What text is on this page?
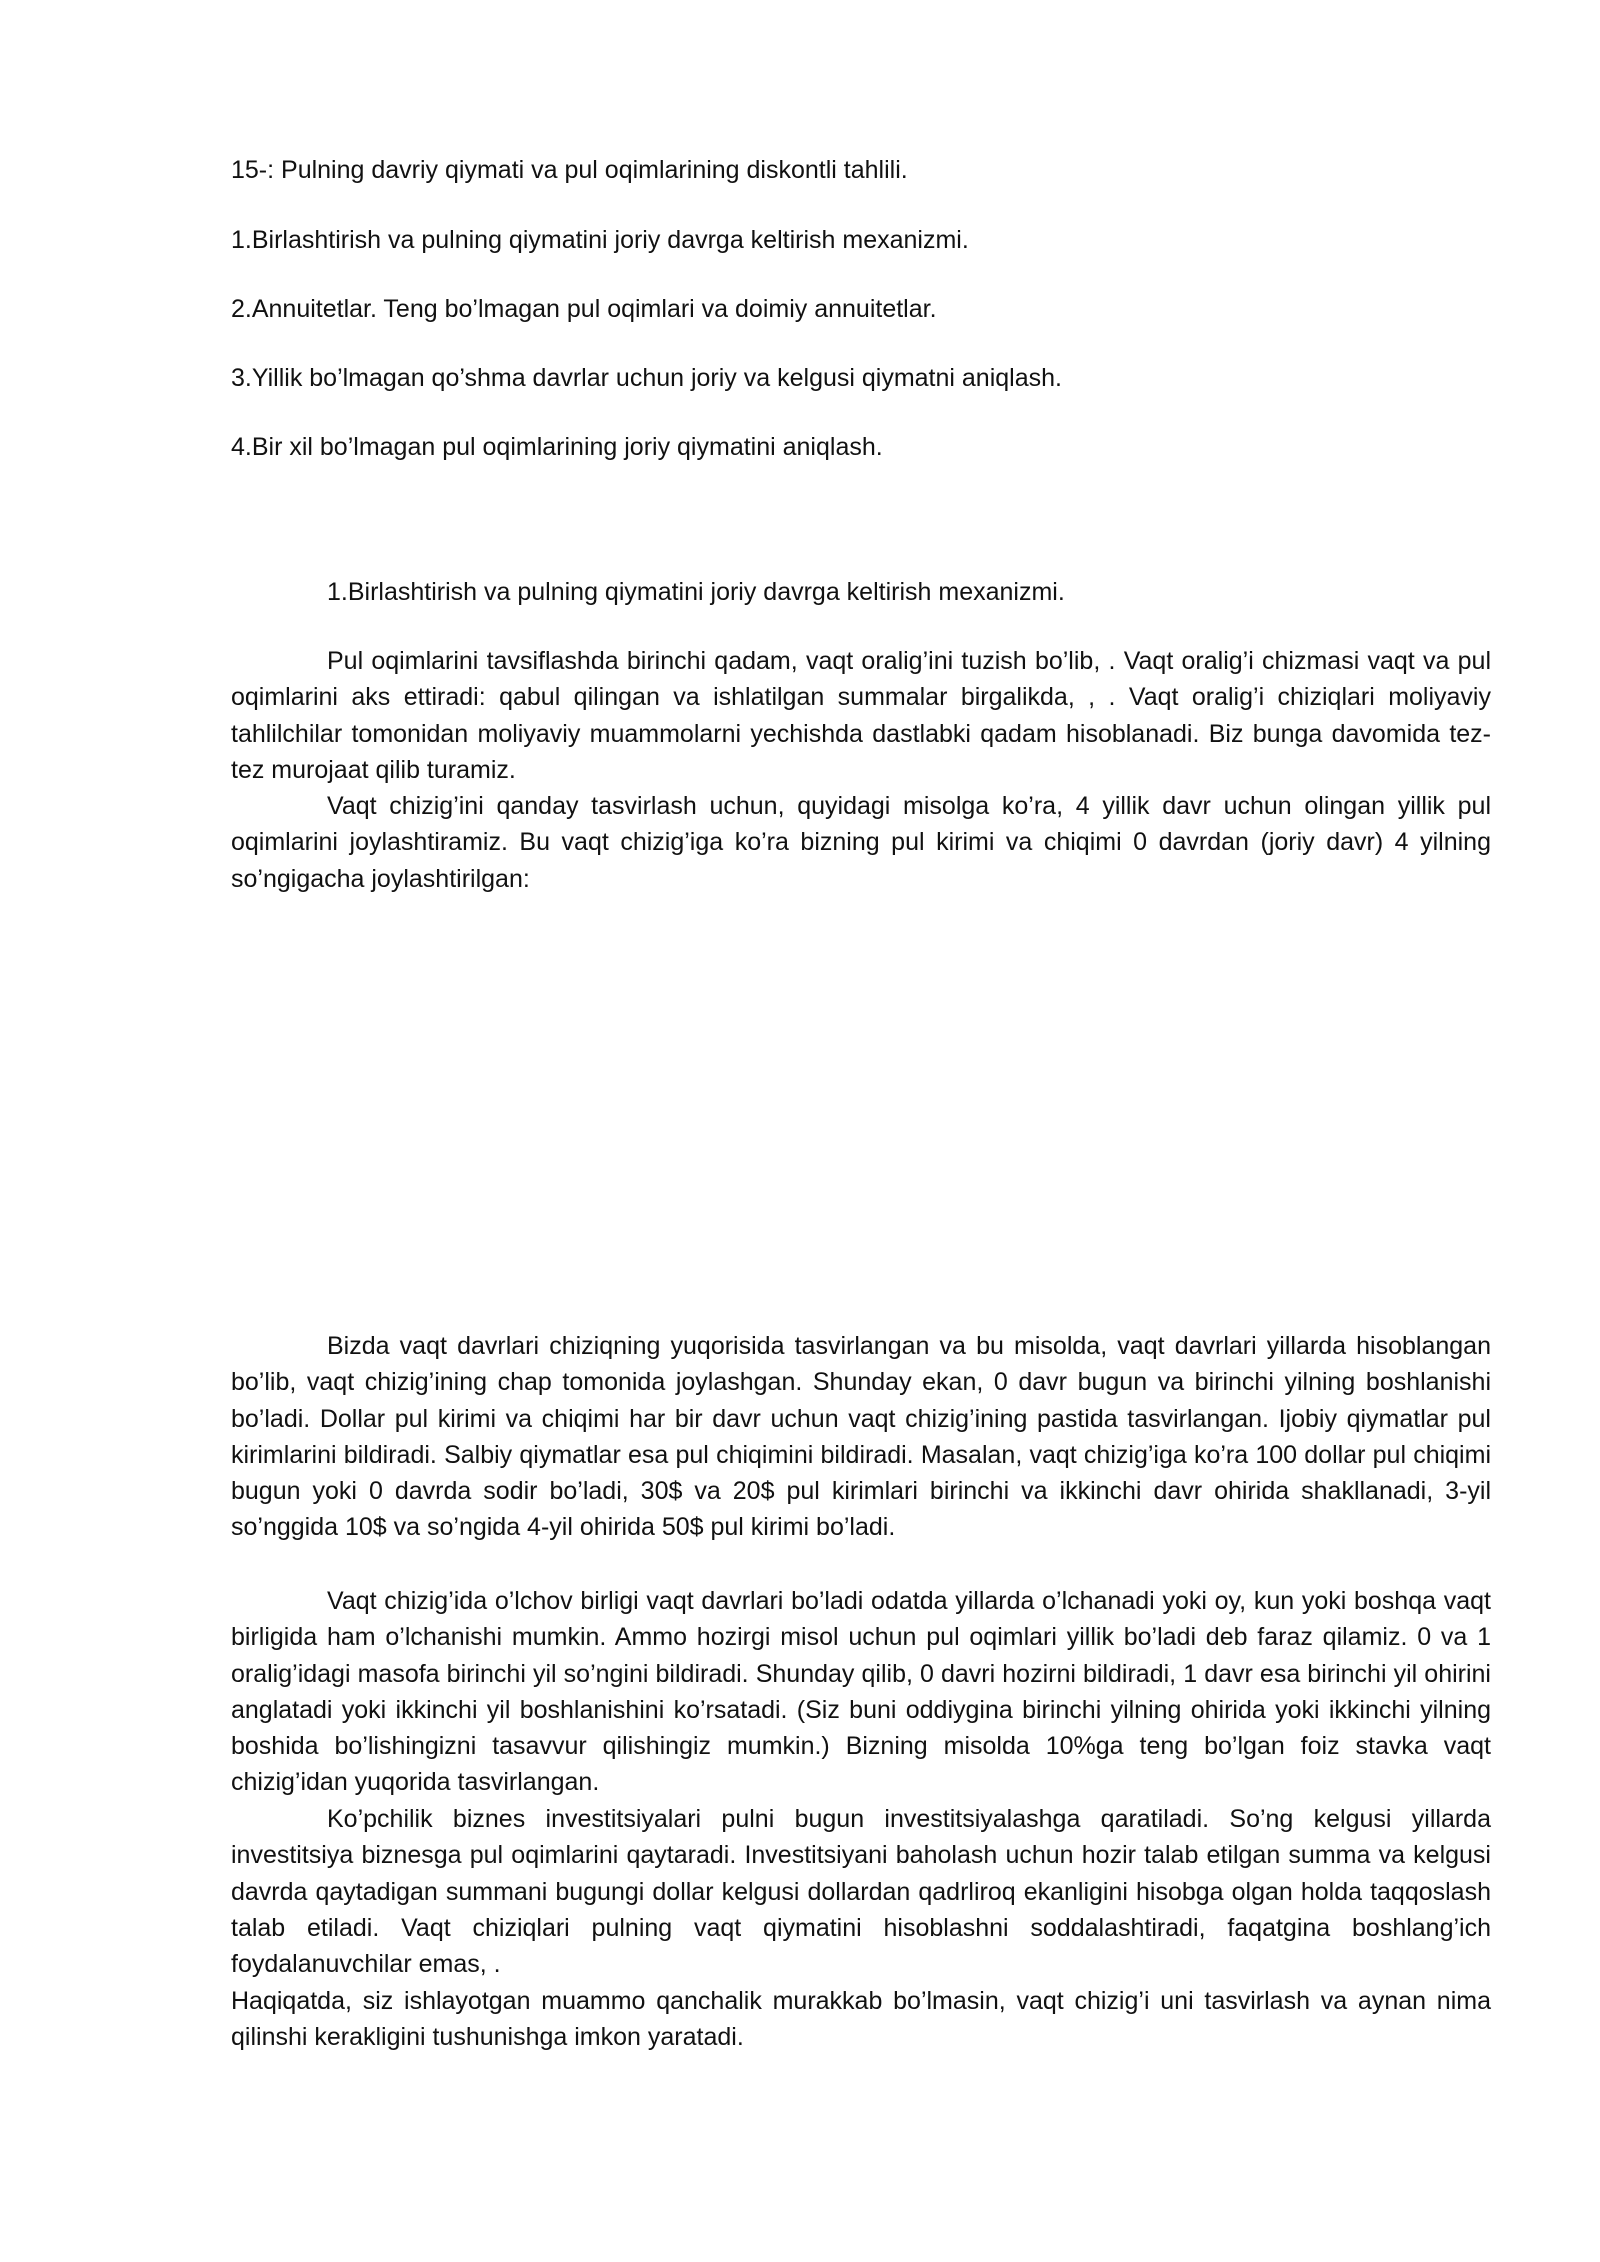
15-: Pulning davriy qiymati va pul oqimlarining diskontli tahlili.

1.Birlashtirish va pulning qiymatini joriy davrga keltirish mexanizmi.

2.Annuitetlar. Teng bo’lmagan pul oqimlari va doimiy annuitetlar.

3.Yillik bo’lmagan qo’shma davrlar uchun joriy va kelgusi qiymatni aniqlash.

4.Bir xil bo’lmagan pul oqimlarining joriy qiymatini aniqlash.

1.Birlashtirish va pulning qiymatini joriy davrga keltirish mexanizmi.

Pul oqimlarini tavsiflashda birinchi qadam, vaqt oralig’ini tuzish bo’lib, . Vaqt oralig’i chizmasi vaqt va pul oqimlarini aks ettiradi: qabul qilingan va ishlatilgan summalar birgalikda, , . Vaqt oralig’i chiziqlari moliyaviy tahlilchilar tomonidan moliyaviy muammolarni yechishda dastlabki qadam hisoblanadi. Biz bunga davomida tez-tez murojaat qilib turamiz.

Vaqt chizig’ini qanday tasvirlash uchun, quyidagi misolga ko’ra, 4 yillik davr uchun olingan yillik pul oqimlarini joylashtiramiz. Bu vaqt chizig’iga ko’ra bizning pul kirimi va chiqimi 0 davrdan (joriy davr) 4 yilning so’ngigacha joylashtirilgan:

Bizda vaqt davrlari chiziqning yuqorisida tasvirlangan va bu misolda, vaqt davrlari yillarda hisoblangan bo’lib, vaqt chizig’ining chap tomonida joylashgan. Shunday ekan, 0 davr bugun va birinchi yilning boshlanishi bo’ladi. Dollar pul kirimi va chiqimi har bir davr uchun vaqt chizig’ining pastida tasvirlangan. Ijobiy qiymatlar pul kirimlarini bildiradi. Salbiy qiymatlar esa pul chiqimini bildiradi. Masalan, vaqt chizig’iga ko’ra 100 dollar pul chiqimi bugun yoki 0 davrda sodir bo’ladi, 30$ va 20$ pul kirimlari birinchi va ikkinchi davr ohirida shakllanadi, 3-yil so’nggida 10$ va so’ngida 4-yil ohirida 50$ pul kirimi bo’ladi.

Vaqt chizig’ida o’lchov birligi vaqt davrlari bo’ladi odatda yillarda o’lchanadi yoki oy, kun yoki boshqa vaqt birligida ham o’lchanishi mumkin. Ammo hozirgi misol uchun pul oqimlari yillik bo’ladi deb faraz qilamiz. 0 va 1 oralig’idagi masofa birinchi yil so’ngini bildiradi. Shunday qilib, 0 davri hozirni bildiradi, 1 davr esa birinchi yil ohirini anglatadi yoki ikkinchi yil boshlanishini ko’rsatadi. (Siz buni oddiygina birinchi yilning ohirida yoki ikkinchi yilning boshida bo’lishingizni tasavvur qilishingiz mumkin.) Bizning misolda 10%ga teng bo’lgan foiz stavka vaqt chizig’idan yuqorida tasvirlangan.

Ko’pchilik biznes investitsiyalari pulni bugun investitsiyalashga qaratiladi. So’ng kelgusi yillarda investitsiya biznesga pul oqimlarini qaytaradi. Investitsiyani baholash uchun hozir talab etilgan summa va kelgusi davrda qaytadigan summani bugungi dollar kelgusi dollardan qadrliroq ekanligini hisobga olgan holda taqqoslash talab etiladi. Vaqt chiziqlari pulning vaqt qiymatini hisoblashni soddalashtiradi, faqatgina boshlang’ich foydalanuvchilar emas, .

Haqiqatda, siz ishlayotgan muammo qanchalik murakkab bo’lmasin, vaqt chizig’i uni tasvirlash va aynan nima qilinshi kerakligini tushunishga imkon yaratadi.
